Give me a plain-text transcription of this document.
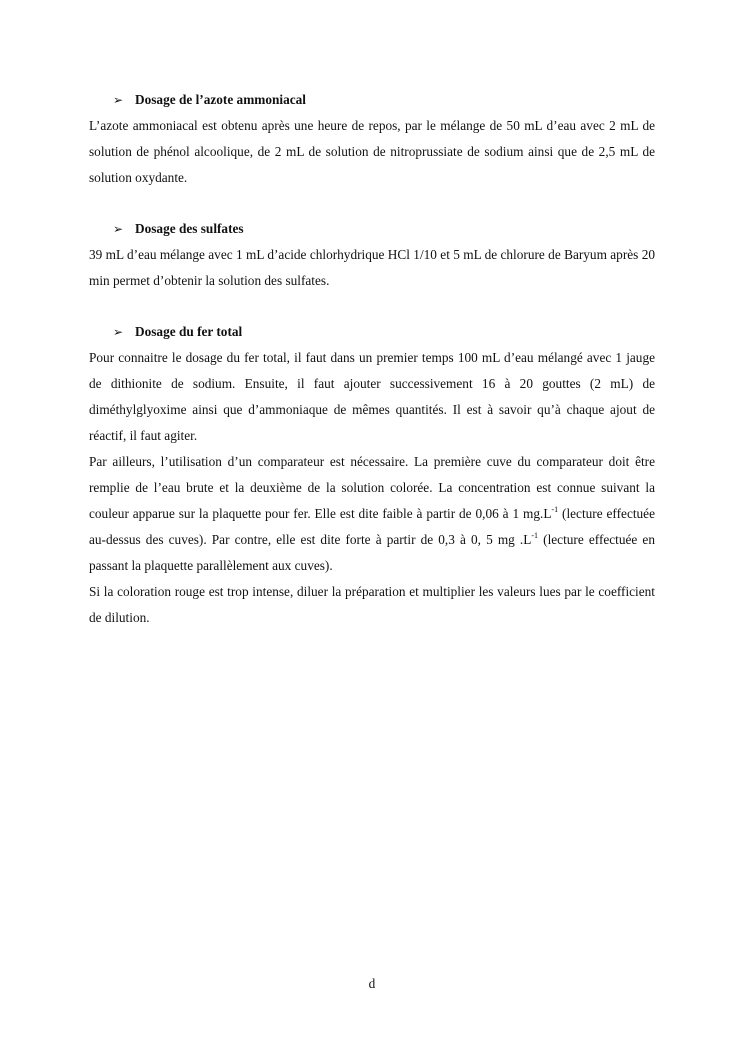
➢ Dosage de l’azote ammoniacal

L’azote ammoniacal est obtenu après une heure de repos, par le mélange de 50 mL d’eau avec 2 mL de solution de phénol alcoolique, de 2 mL de solution de nitroprussiate de sodium ainsi que de 2,5 mL de solution oxydante.

➢ Dosage des sulfates

39 mL d’eau mélange avec 1 mL d’acide chlorhydrique HCl 1/10 et 5 mL de chlorure de Baryum après 20 min permet d’obtenir la solution des sulfates.

➢ Dosage du fer total

Pour connaitre le dosage du fer total, il faut dans un premier temps 100 mL d’eau mélangé avec 1 jauge de dithionite de sodium. Ensuite, il faut ajouter successivement 16 à 20 gouttes (2 mL) de diméthylglyoxime ainsi que d’ammoniaque de mêmes quantités. Il est à savoir qu’à chaque ajout de réactif, il faut agiter.

Par ailleurs, l’utilisation d’un comparateur est nécessaire. La première cuve du comparateur doit être remplie de l’eau brute et la deuxième de la solution colorée. La concentration est connue suivant la couleur apparue sur la plaquette pour fer. Elle est dite faible à partir de 0,06 à 1 $mg.L^{-1}$ (lecture effectuée au-dessus des cuves). Par contre, elle est dite forte à partir de 0,3 à 0, 5 mg $.L^{-1}$ (lecture effectuée en passant la plaquette parallèlement aux cuves).

Si la coloration rouge est trop intense, diluer la préparation et multiplier les valeurs lues par le coefficient de dilution.

d
